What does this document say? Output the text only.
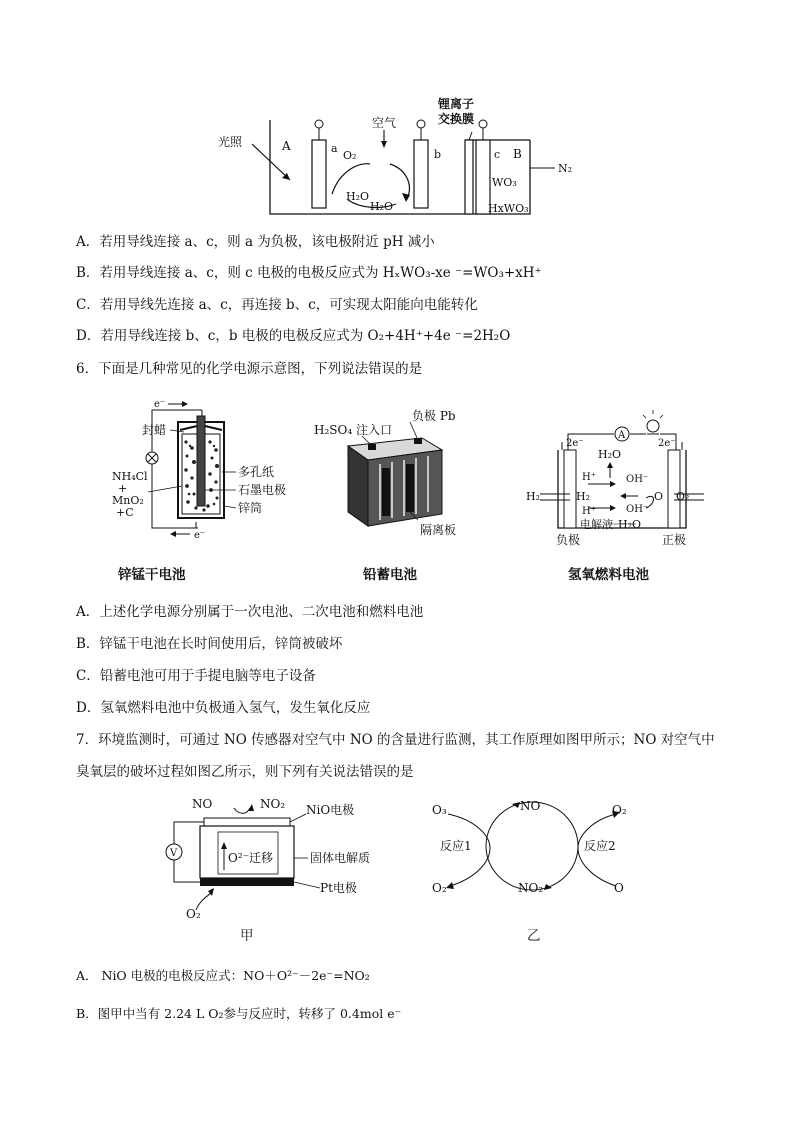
光照	A	a
O₂
空气
H₂O
H₂O
b
锂离子
交换膜
c B
WO₃
HxWO₃
N₂
A．若用导线连接 a、c，则 a 为负极，该电极附近 pH 减小
B．若用导线连接 a、c，则 c 电极的电极反应式为 HₓWO₃-xe ⁻=WO₃+xH⁺
C．若用导线先连接 a、c，再连接 b、c，可实现太阳能向电能转化
D．若用导线连接 b、c，b 电极的电极反应式为 O₂+4H⁺+4e ⁻=2H₂O
6．下面是几种常见的化学电源示意图，下列说法错误的是
e⁻
e⁻
封蜡
NH₄Cl
+
MnO₂
+C
多孔纸
石墨电极
锌筒
锌锰干电池
H₂SO₄ 注入口
负极 Pb
隔离板
铅蓄电池
2e⁻
A
2e⁻
H₂O
H₂	H₂
H⁺	OH⁻
O O₂
H⁺	OH⁻
电解液 H₂O
负极	正极
氢氧燃料电池
A．上述化学电源分别属于一次电池、二次电池和燃料电池
B．锌锰干电池在长时间使用后，锌筒被破坏
C．铅蓄电池可用于手提电脑等电子设备
D．氢氧燃料电池中负极通入氢气，发生氧化反应
7．环境监测时，可通过 NO 传感器对空气中 NO 的含量进行监测，其工作原理如图甲所示；NO 对空气中
臭氧层的破坏过程如图乙所示，则下列有关说法错误的是
NO	NO₂ NiO电极
V	O²⁻迁移	固体电解质
Pt电极
O₂
甲
O₃	NO	O₂
反应1	反应2
O₂	NO₂	O
乙
A． NiO 电极的电极反应式：NO＋O²⁻－2e⁻=NO₂
B．图甲中当有 2.24 L O₂参与反应时，转移了 0.4mol e⁻
